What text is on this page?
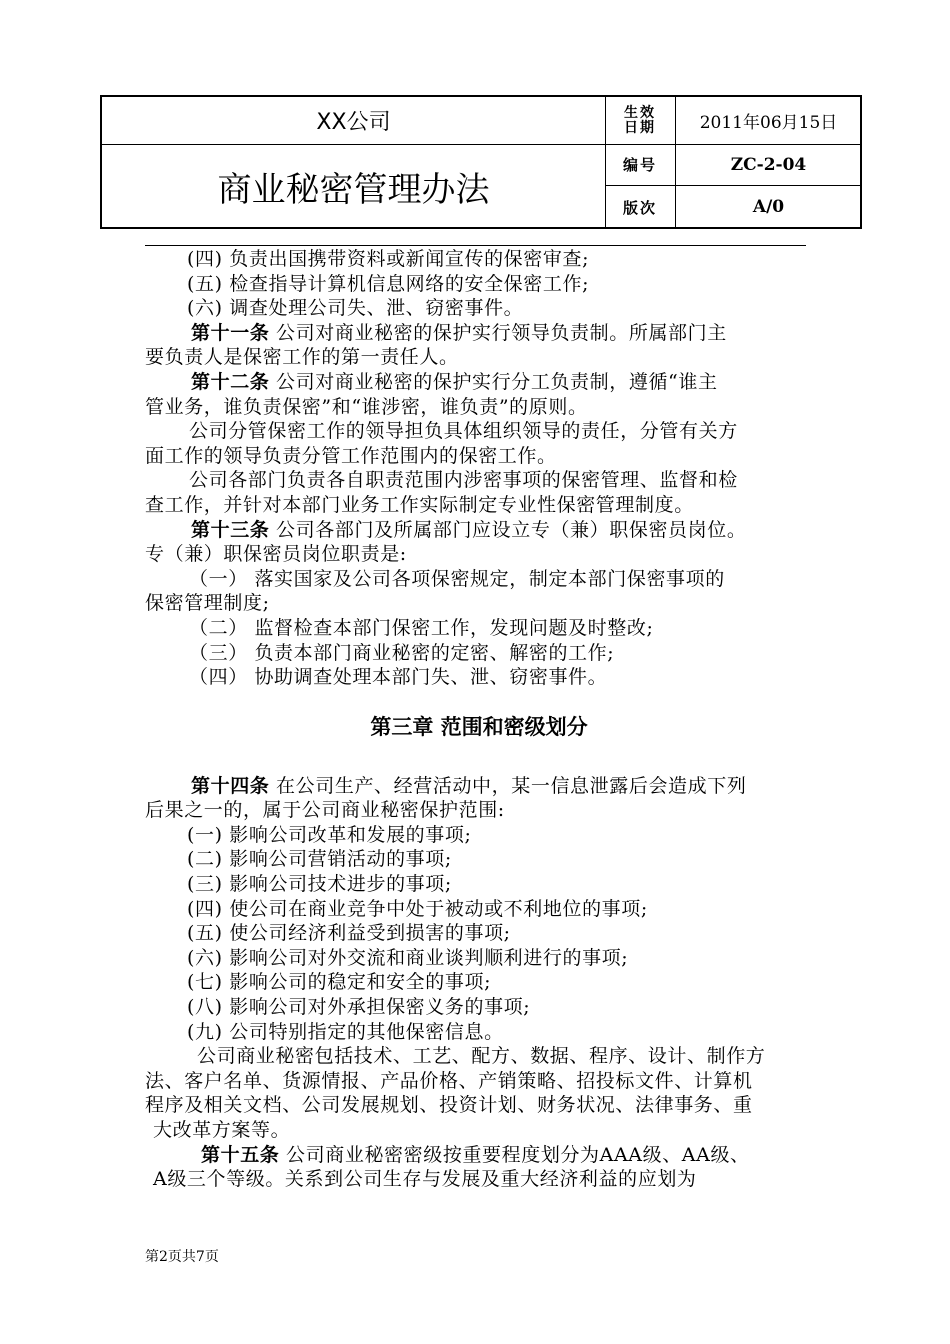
XX公司
商业秘密管理办法
生效日期	2011年06月15日
编号	ZC-2-04
版次	A/0
(四) 负责出国携带资料或新闻宣传的保密审查;
(五) 检查指导计算机信息网络的安全保密工作;
(六) 调查处理公司失、泄、窃密事件。
第十一条 公司对商业秘密的保护实行领导负责制。所属部门主
要负责人是保密工作的第一责任人。
第十二条 公司对商业秘密的保护实行分工负责制，遵循“谁主
管业务，谁负责保密”和“谁涉密，谁负责”的原则。
公司分管保密工作的领导担负具体组织领导的责任，分管有关方
面工作的领导负责分管工作范围内的保密工作。
公司各部门负责各自职责范围内涉密事项的保密管理、监督和检
查工作，并针对本部门业务工作实际制定专业性保密管理制度。
第十三条 公司各部门及所属部门应设立专（兼）职保密员岗位。
专（兼）职保密员岗位职责是:
（一） 落实国家及公司各项保密规定，制定本部门保密事项的
保密管理制度;
（二） 监督检查本部门保密工作，发现问题及时整改;
（三） 负责本部门商业秘密的定密、解密的工作;
（四） 协助调查处理本部门失、泄、窃密事件。
第三章 范围和密级划分
第十四条 在公司生产、经营活动中，某一信息泄露后会造成下列
后果之一的，属于公司商业秘密保护范围:
(一) 影响公司改革和发展的事项;
(二) 影响公司营销活动的事项;
(三) 影响公司技术进步的事项;
(四) 使公司在商业竞争中处于被动或不利地位的事项;
(五) 使公司经济利益受到损害的事项;
(六) 影响公司对外交流和商业谈判顺利进行的事项;
(七) 影响公司的稳定和安全的事项;
(八) 影响公司对外承担保密义务的事项;
(九) 公司特别指定的其他保密信息。
公司商业秘密包括技术、工艺、配方、数据、程序、设计、制作方
法、客户名单、货源情报、产品价格、产销策略、招投标文件、计算机
程序及相关文档、公司发展规划、投资计划、财务状况、法律事务、重
大改革方案等。
第十五条 公司商业秘密密级按重要程度划分为AAA级、AA级、
A级三个等级。关系到公司生存与发展及重大经济利益的应划为
第2页共7页
